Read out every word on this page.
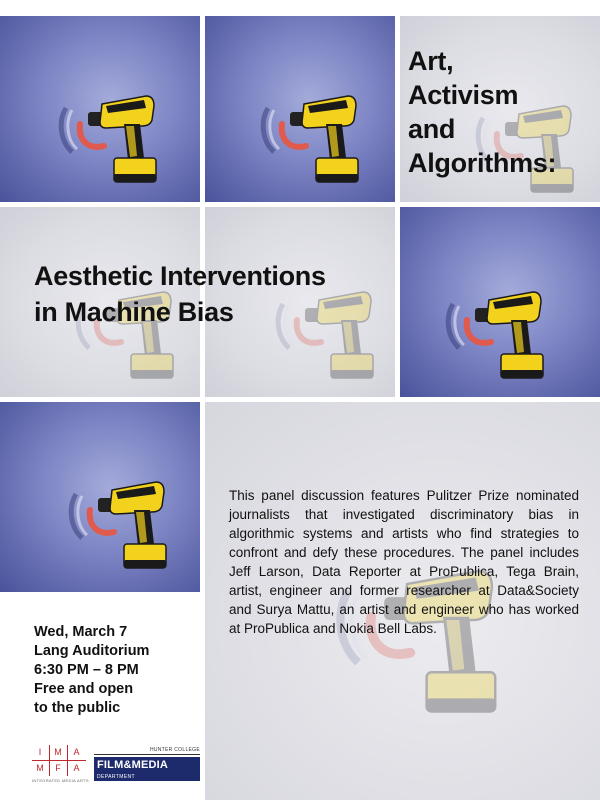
Art,
Activism
and
Algorithms:
Aesthetic Interventions
in Machine Bias
This panel discussion features Pulitzer Prize nominated journalists that investigated discriminatory bias in algorithmic systems and artists who find strategies to confront and defy these procedures. The panel includes Jeff Larson, Data Reporter at ProPublica, Tega Brain, artist, engineer and former researcher at Data&Society and Surya Mattu, an artist and engineer who has worked at ProPublica and Nokia Bell Labs.
Wed, March 7
Lang Auditorium
6:30 PM – 8 PM
Free and open
to the public
I	M	A
M	F	A
INTEGRATED MEDIA ARTS
HUNTER COLLEGE
FILM&MEDIA
DEPARTMENT
